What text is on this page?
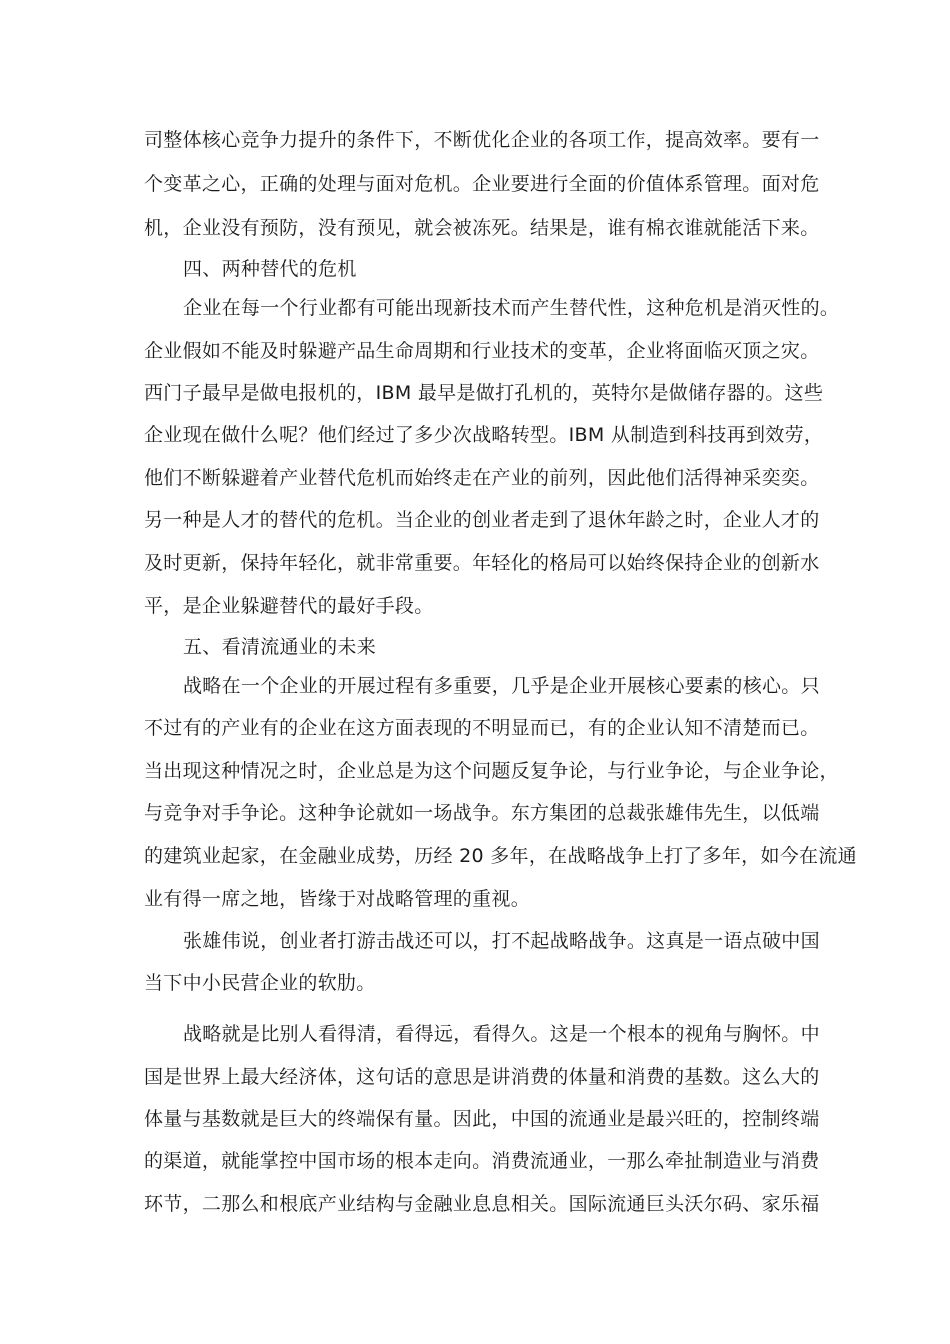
司整体核心竞争力提升的条件下，不断优化企业的各项工作，提高效率。要有一
个变革之心，正确的处理与面对危机。企业要进行全面的价值体系管理。面对危
机，企业没有预防，没有预见，就会被冻死。结果是，谁有棉衣谁就能活下来。
四、两种替代的危机
企业在每一个行业都有可能出现新技术而产生替代性，这种危机是消灭性的。
企业假如不能及时躲避产品生命周期和行业技术的变革，企业将面临灭顶之灾。
西门子最早是做电报机的，IBM 最早是做打孔机的，英特尔是做储存器的。这些
企业现在做什么呢？他们经过了多少次战略转型。IBM 从制造到科技再到效劳，
他们不断躲避着产业替代危机而始终走在产业的前列，因此他们活得神采奕奕。
另一种是人才的替代的危机。当企业的创业者走到了退休年龄之时，企业人才的
及时更新，保持年轻化，就非常重要。年轻化的格局可以始终保持企业的创新水
平，是企业躲避替代的最好手段。
五、看清流通业的未来
战略在一个企业的开展过程有多重要，几乎是企业开展核心要素的核心。只
不过有的产业有的企业在这方面表现的不明显而已，有的企业认知不清楚而已。
当出现这种情况之时，企业总是为这个问题反复争论，与行业争论，与企业争论，
与竞争对手争论。这种争论就如一场战争。东方集团的总裁张雄伟先生，以低端
的建筑业起家，在金融业成势，历经 20 多年，在战略战争上打了多年，如今在流通
业有得一席之地，皆缘于对战略管理的重视。
张雄伟说，创业者打游击战还可以，打不起战略战争。这真是一语点破中国
当下中小民营企业的软肋。
战略就是比别人看得清，看得远，看得久。这是一个根本的视角与胸怀。中
国是世界上最大经济体，这句话的意思是讲消费的体量和消费的基数。这么大的
体量与基数就是巨大的终端保有量。因此，中国的流通业是最兴旺的，控制终端
的渠道，就能掌控中国市场的根本走向。消费流通业，一那么牵扯制造业与消费
环节，二那么和根底产业结构与金融业息息相关。国际流通巨头沃尔码、家乐福
